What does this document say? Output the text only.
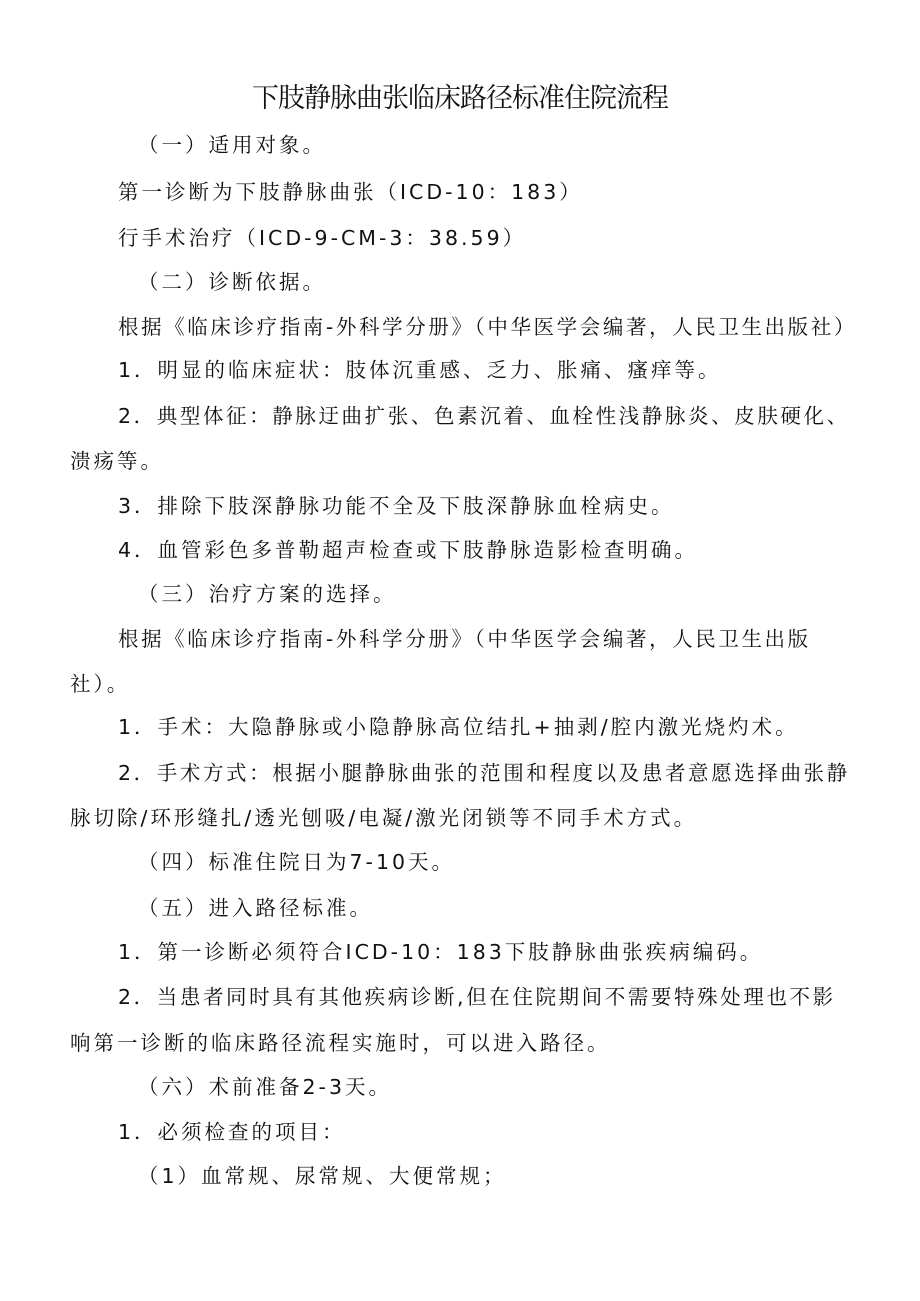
下肢静脉曲张临床路径标准住院流程

（一）适用对象。

第一诊断为下肢静脉曲张（ICD-10：183）

行手术治疗（ICD-9-CM-3：38.59）

（二）诊断依据。

根据《临床诊疗指南-外科学分册》（中华医学会编著，人民卫生出版社）

1．明显的临床症状：肢体沉重感、乏力、胀痛、瘙痒等。

2．典型体征：静脉迂曲扩张、色素沉着、血栓性浅静脉炎、皮肤硬化、

溃疡等。

3．排除下肢深静脉功能不全及下肢深静脉血栓病史。

4．血管彩色多普勒超声检查或下肢静脉造影检查明确。

（三）治疗方案的选择。

根据《临床诊疗指南-外科学分册》（中华医学会编著，人民卫生出版

社）。

1．手术：大隐静脉或小隐静脉高位结扎+抽剥/腔内激光烧灼术。

2．手术方式：根据小腿静脉曲张的范围和程度以及患者意愿选择曲张静

脉切除/环形缝扎/透光刨吸/电凝/激光闭锁等不同手术方式。

（四）标准住院日为7-10天。

（五）进入路径标准。

1．第一诊断必须符合ICD-10：183下肢静脉曲张疾病编码。

2．当患者同时具有其他疾病诊断,但在住院期间不需要特殊处理也不影

响第一诊断的临床路径流程实施时，可以进入路径。

（六）术前准备2-3天。

1．必须检查的项目：

（1）血常规、尿常规、大便常规；
